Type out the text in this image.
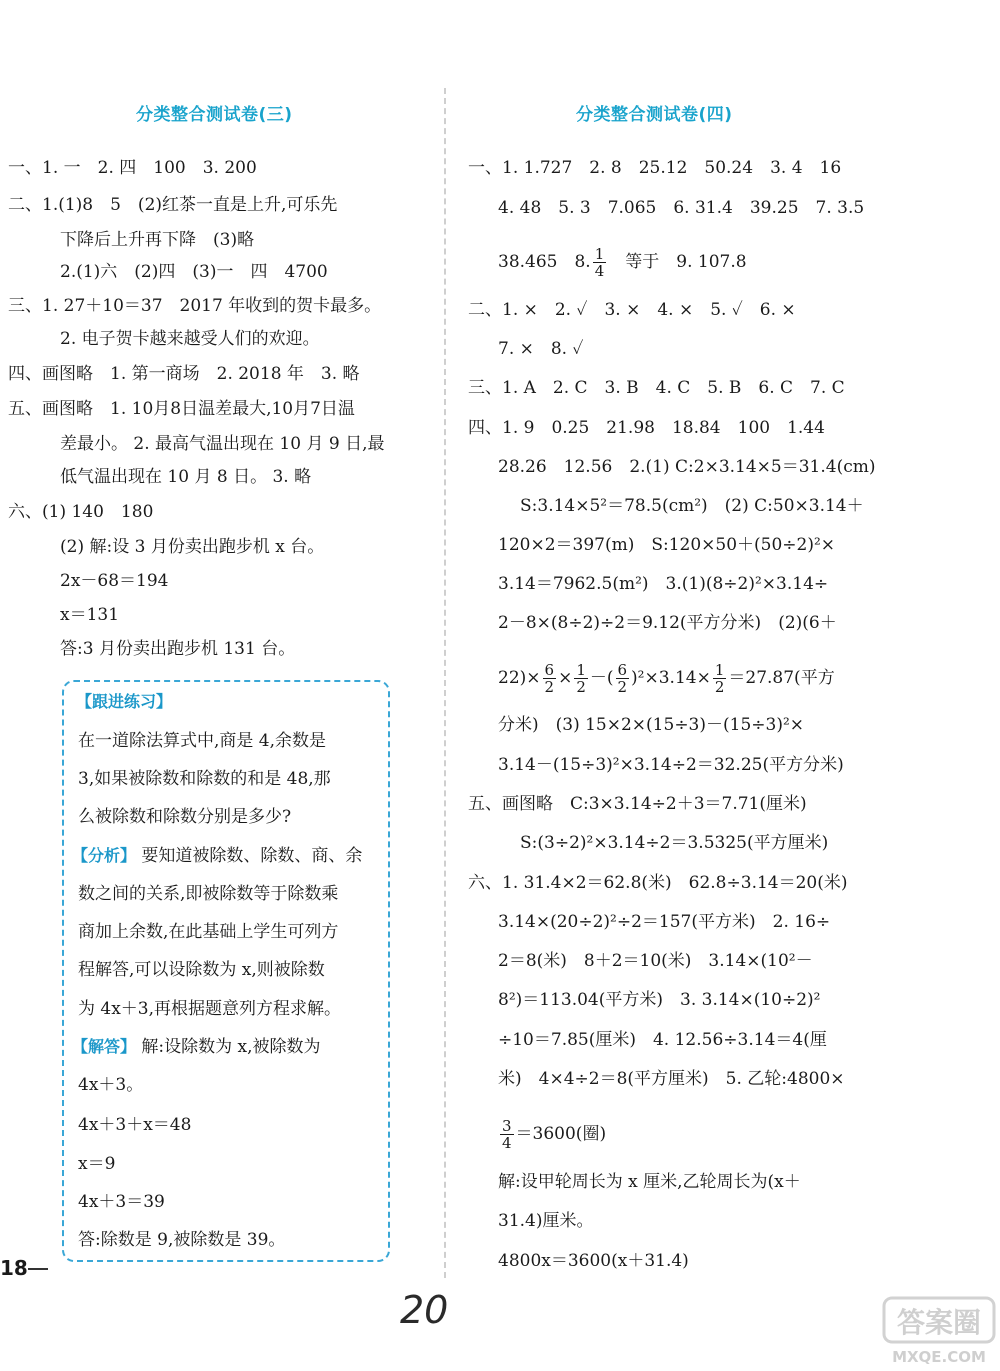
分类整合测试卷(三)
一、1. 一　2. 四　100　3. 200
二、1.(1)8　5　(2)红茶一直是上升,可乐先
下降后上升再下降　(3)略
2.(1)六　(2)四　(3)一　四　4700
三、1. 27＋10＝37　2017 年收到的贺卡最多。
2. 电子贺卡越来越受人们的欢迎。
四、画图略　1. 第一商场　2. 2018 年　3. 略
五、画图略　1. 10月8日温差最大,10月7日温
差最小。 2. 最高气温出现在 10 月 9 日,最
低气温出现在 10 月 8 日。 3. 略
六、(1) 140　180
(2) 解:设 3 月份卖出跑步机 x 台。
2x－68＝194
x＝131
答:3 月份卖出跑步机 131 台。
【跟进练习】
在一道除法算式中,商是 4,余数是
3,如果被除数和除数的和是 48,那
么被除数和除数分别是多少?
【分析】 要知道被除数、除数、商、余
数之间的关系,即被除数等于除数乘
商加上余数,在此基础上学生可列方
程解答,可以设除数为 x,则被除数
为 4x＋3,再根据题意列方程求解。
【解答】 解:设除数为 x,被除数为
4x＋3。
4x＋3＋x＝48
x＝9
4x＋3＝39
答:除数是 9,被除数是 39。
分类整合测试卷(四)
一、1. 1.727　2. 8　25.12　50.24　3. 4　16
4. 48　5. 3　7.065　6. 31.4　39.25　7. 3.5
38.465　8. $\frac{1}{4}$ 　等于　9. 107.8
二、1. ×　2. ✓　3. ×　4. ×　5. ✓　6. ×
7. ×　8. ✓
三、1. A　2. C　3. B　4. C　5. B　6. C　7. C
四、1. 9　0.25　21.98　18.84　100　1.44
28.26　12.56　2.(1) C:2×3.14×5＝31.4(cm)
S:3.14×5²＝78.5(cm²)　(2) C:50×3.14＋
120×2＝397(m)　S:120×50＋(50÷2)²×
3.14＝7962.5(m²)　3.(1)(8÷2)²×3.14÷
2－8×(8÷2)÷2＝9.12(平方分米)　(2)(6＋
$22)\times \frac{6}{2} \times \frac{1}{2}$ －( $\frac{6}{2} )^2\times 3.14\times \frac{1}{2} =27.87$(平方
分米)　(3) 15×2×(15÷3)－(15÷3)²×
3.14－(15÷3)²×3.14÷2＝32.25(平方分米)
五、画图略　C:3×3.14÷2＋3＝7.71(厘米)
S:(3÷2)²×3.14÷2＝3.5325(平方厘米)
六、1. 31.4×2＝62.8(米)　62.8÷3.14＝20(米)
3.14×(20÷2)²÷2＝157(平方米)　2. 16÷
2＝8(米)　8＋2＝10(米)　3.14×(10²－
8²)＝113.04(平方米)　3. 3.14×(10÷2)²
÷10＝7.85(厘米)　4. 12.56÷3.14＝4(厘
米)　4×4÷2＝8(平方厘米)　5. 乙轮:4800×
$\frac{3}{4} =3600$(圈)
解:设甲轮周长为 x 厘米,乙轮周长为(x＋
31.4)厘米。
4800x＝3600(x＋31.4)
18
20	答案圈
MXQE.COM
